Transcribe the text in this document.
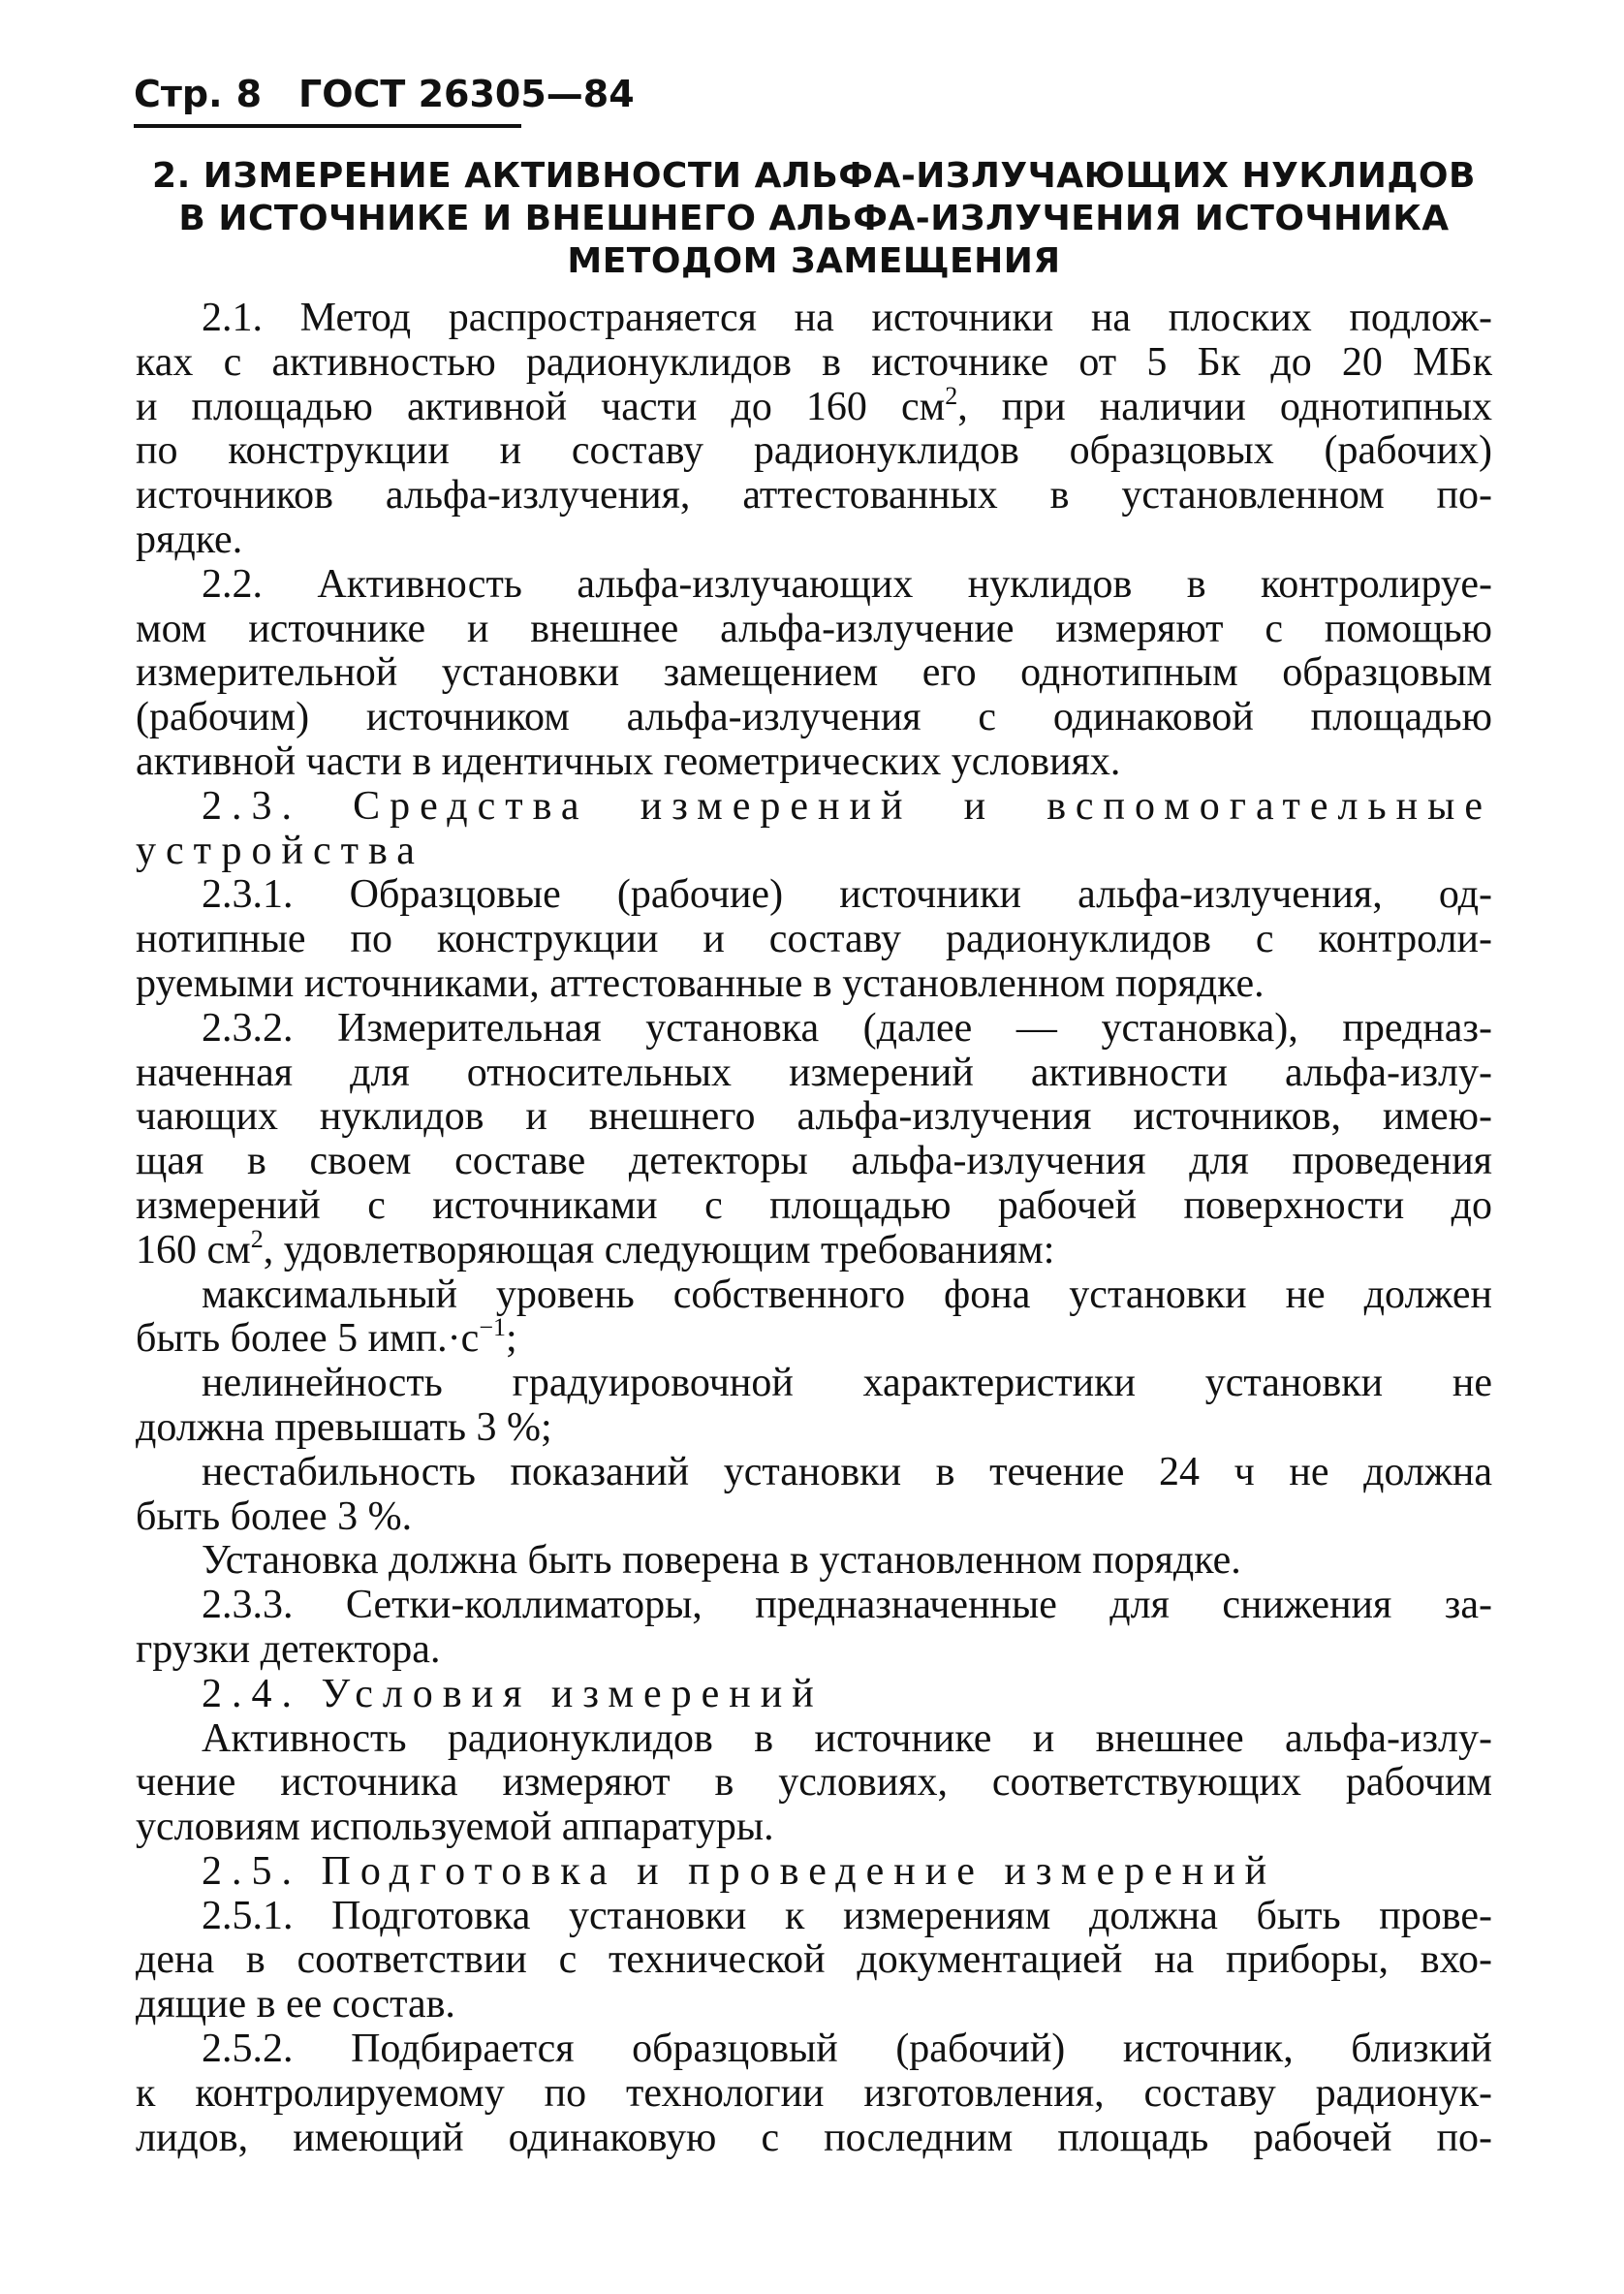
Стр. 8 ГОСТ 26305—84
2. ИЗМЕРЕНИЕ АКТИВНОСТИ АЛЬФА-ИЗЛУЧАЮЩИХ НУКЛИДОВ
В ИСТОЧНИКЕ И ВНЕШНЕГО АЛЬФА-ИЗЛУЧЕНИЯ ИСТОЧНИКА
МЕТОДОМ ЗАМЕЩЕНИЯ
2.1. Метод распространяется на источники на плоских подлож-
ках с активностью радионуклидов в источнике от 5 Бк до 20 МБк
и площадью активной части до 160 $см^2$, при наличии однотипных
по конструкции и составу радионуклидов образцовых (рабочих)
источников альфа-излучения, аттестованных в установленном по-
рядке.
2.2. Активность альфа-излучающих нуклидов в контролируе-
мом источнике и внешнее альфа-излучение измеряют с помощью
измерительной установки замещением его однотипным образцовым
(рабочим) источником альфа-излучения с одинаковой площадью
активной части в идентичных геометрических условиях.
2.3. Средства измерений и вспомогательные
устройства
2.3.1. Образцовые (рабочие) источники альфа-излучения, од-
нотипные по конструкции и составу радионуклидов с контроли-
руемыми источниками, аттестованные в установленном порядке.
2.3.2. Измерительная установка (далее — установка), предназ-
наченная для относительных измерений активности альфа-излу-
чающих нуклидов и внешнего альфа-излучения источников, имею-
щая в своем составе детекторы альфа-излучения для проведения
измерений с источниками с площадью рабочей поверхности до
160 $см^2$, удовлетворяющая следующим требованиям:
максимальный уровень собственного фона установки не должен
быть более 5 $имп.\cdot с^{-1}$;
нелинейность градуировочной характеристики установки не
должна превышать 3 %;
нестабильность показаний установки в течение 24 ч не должна
быть более 3 %.
Установка должна быть поверена в установленном порядке.
2.3.3. Сетки-коллиматоры, предназначенные для снижения за-
грузки детектора.
2.4. Условия измерений
Активность радионуклидов в источнике и внешнее альфа-излу-
чение источника измеряют в условиях, соответствующих рабочим
условиям используемой аппаратуры.
2.5. Подготовка и проведение измерений
2.5.1. Подготовка установки к измерениям должна быть прове-
дена в соответствии с технической документацией на приборы, вхо-
дящие в ее состав.
2.5.2. Подбирается образцовый (рабочий) источник, близкий
к контролируемому по технологии изготовления, составу радионук-
лидов, имеющий одинаковую с последним площадь рабочей по-
